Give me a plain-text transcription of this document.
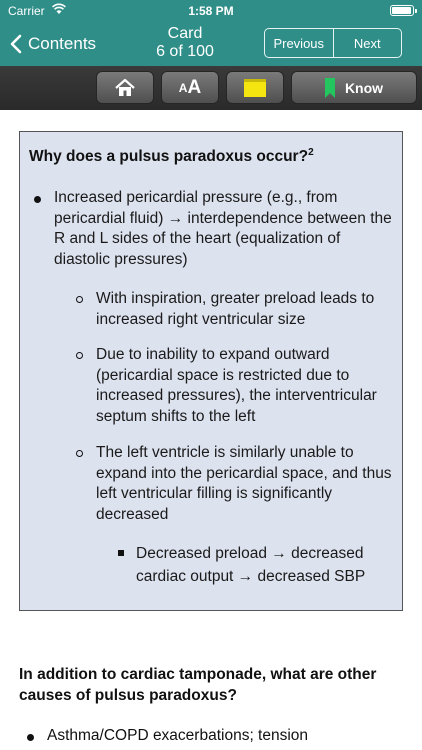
Carrier	1:58 PM
Contents
Card
6 of 100	Previous	Next
A A	Know
Why does a pulsus paradoxus occur?$^2$
Increased pericardial pressure (e.g., from pericardial fluid) → interdependence between the R and L sides of the heart (equalization of diastolic pressures)
With inspiration, greater preload leads to increased right ventricular size
Due to inability to expand outward (pericardial space is restricted due to increased pressures), the interventricular septum shifts to the left
The left ventricle is similarly unable to expand into the pericardial space, and thus left ventricular filling is significantly decreased
Decreased preload → decreased cardiac output → decreased SBP
In addition to cardiac tamponade, what are other causes of pulsus paradoxus?
Asthma/COPD exacerbations; tension
